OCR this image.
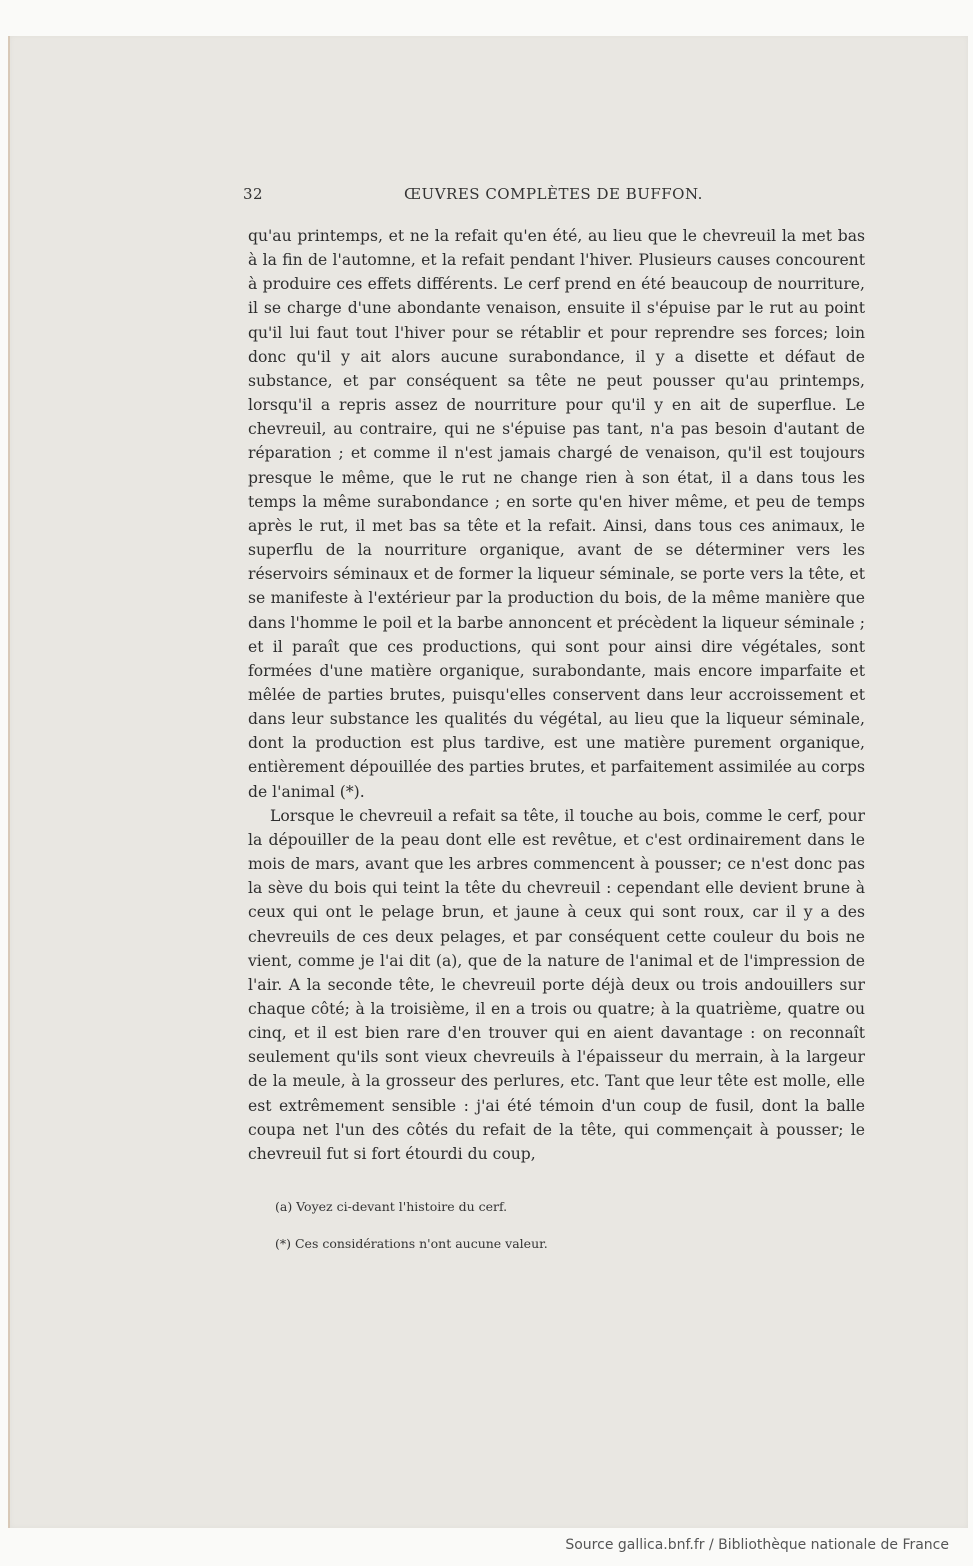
32	ŒUVRES COMPLÈTES DE BUFFON.

qu'au printemps, et ne la refait qu'en été, au lieu que le chevreuil la met bas à la fin de l'automne, et la refait pendant l'hiver. Plusieurs causes concourent à produire ces effets différents. Le cerf prend en été beaucoup de nourriture, il se charge d'une abondante venaison, ensuite il s'épuise par le rut au point qu'il lui faut tout l'hiver pour se rétablir et pour reprendre ses forces; loin donc qu'il y ait alors aucune surabondance, il y a disette et défaut de substance, et par conséquent sa tête ne peut pousser qu'au printemps, lorsqu'il a repris assez de nourriture pour qu'il y en ait de superflue. Le chevreuil, au contraire, qui ne s'épuise pas tant, n'a pas besoin d'autant de réparation ; et comme il n'est jamais chargé de venaison, qu'il est toujours presque le même, que le rut ne change rien à son état, il a dans tous les temps la même surabondance ; en sorte qu'en hiver même, et peu de temps après le rut, il met bas sa tête et la refait. Ainsi, dans tous ces animaux, le superflu de la nourriture organique, avant de se déterminer vers les réservoirs séminaux et de former la liqueur séminale, se porte vers la tête, et se manifeste à l'extérieur par la production du bois, de la même manière que dans l'homme le poil et la barbe annoncent et précèdent la liqueur séminale ; et il paraît que ces productions, qui sont pour ainsi dire végétales, sont formées d'une matière organique, surabondante, mais encore imparfaite et mêlée de parties brutes, puisqu'elles conservent dans leur accroissement et dans leur substance les qualités du végétal, au lieu que la liqueur séminale, dont la production est plus tardive, est une matière purement organique, entièrement dépouillée des parties brutes, et parfaitement assimilée au corps de l'animal (*).

Lorsque le chevreuil a refait sa tête, il touche au bois, comme le cerf, pour la dépouiller de la peau dont elle est revêtue, et c'est ordinairement dans le mois de mars, avant que les arbres commencent à pousser; ce n'est donc pas la sève du bois qui teint la tête du chevreuil : cependant elle devient brune à ceux qui ont le pelage brun, et jaune à ceux qui sont roux, car il y a des chevreuils de ces deux pelages, et par conséquent cette couleur du bois ne vient, comme je l'ai dit (a), que de la nature de l'animal et de l'impression de l'air. A la seconde tête, le chevreuil porte déjà deux ou trois andouillers sur chaque côté; à la troisième, il en a trois ou quatre; à la quatrième, quatre ou cinq, et il est bien rare d'en trouver qui en aient davantage : on reconnaît seulement qu'ils sont vieux chevreuils à l'épaisseur du merrain, à la largeur de la meule, à la grosseur des perlures, etc. Tant que leur tête est molle, elle est extrêmement sensible : j'ai été témoin d'un coup de fusil, dont la balle coupa net l'un des côtés du refait de la tête, qui commençait à pousser; le chevreuil fut si fort étourdi du coup,

(a) Voyez ci-devant l'histoire du cerf.
(*) Ces considérations n'ont aucune valeur.
Source gallica.bnf.fr / Bibliothèque nationale de France
